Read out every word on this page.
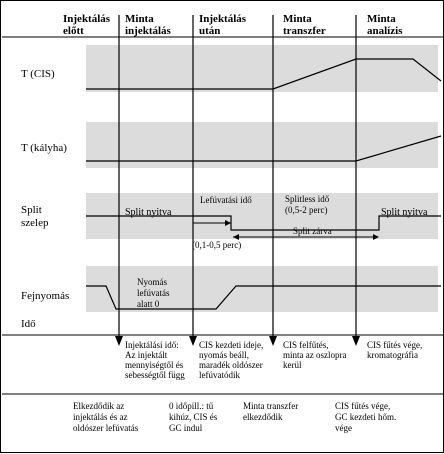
Injektálás
előtt
Minta
injektálás
Injektálás
után
Minta
transzfer
Minta
analízis
T (CIS)
T (kályha)
Split
szelep
Fejnyomás
Idő
Split nyitva	Split nyitva
Split zárva
Lefúvatási idő
(0,1-0,5 perc)
Splitless idő
(0,5-2 perc)
Nyomás
lefúvatás
alatt 0
Injektálási idő:
Az injektált
mennyiségtől és
sebességtől függ
CIS kezdeti ideje,
nyomás beáll,
maradék oldószer
lefúvatódik
CIS felfűtés,
minta az oszlopra
kerül
CIS fűtés vége,
kromatográfia
Elkezdődik az
injektálás és az
oldószer lefúvatás
0 időpill.: tű
kihúz, CIS és
GC indul
Minta transzfer
elkezdődik
CIS fűtés vége,
GC kezdeti hőm.
vége
